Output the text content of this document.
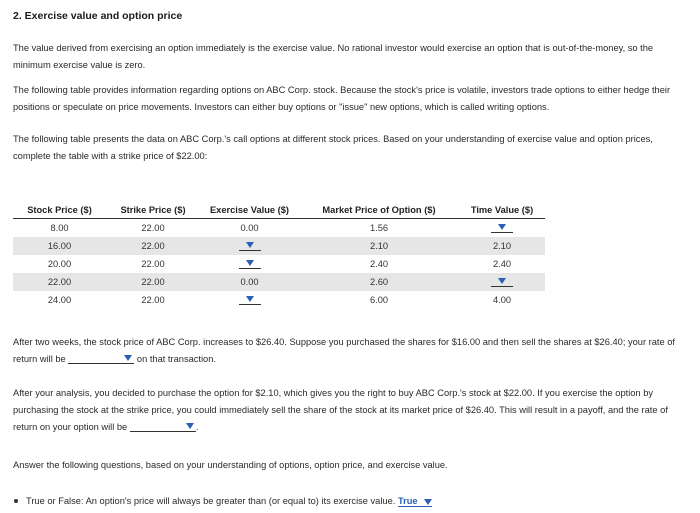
2. Exercise value and option price
The value derived from exercising an option immediately is the exercise value. No rational investor would exercise an option that is out-of-the-money, so the minimum exercise value is zero.
The following table provides information regarding options on ABC Corp. stock. Because the stock's price is volatile, investors trade options to either hedge their positions or speculate on price movements. Investors can either buy options or "issue" new options, which is called writing options.
The following table presents the data on ABC Corp.'s call options at different stock prices. Based on your understanding of exercise value and option prices, complete the table with a strike price of $22.00:
Stock Price ($)	Strike Price ($)	Exercise Value ($)	Market Price of Option ($)	Time Value ($)
8.00	22.00	0.00	1.56	

16.00	22.00		2.10	2.10
20.00	22.00		2.40	2.40
22.00	22.00	0.00	2.60	

24.00	22.00		6.00	4.00
After two weeks, the stock price of ABC Corp. increases to $26.40. Suppose you purchased the shares for $16.00 and then sell the shares at $26.40; your rate of return will be	on that transaction.
After your analysis, you decided to purchase the option for $2.10, which gives you the right to buy ABC Corp.'s stock at $22.00. If you exercise the option by purchasing the stock at the strike price, you could immediately sell the share of the stock at its market price of $26.40. This will result in a payoff, and the rate of return on your option will be	.
Answer the following questions, based on your understanding of options, option price, and exercise value.
True or False: An option's price will always be greater than (or equal to) its exercise value. True
